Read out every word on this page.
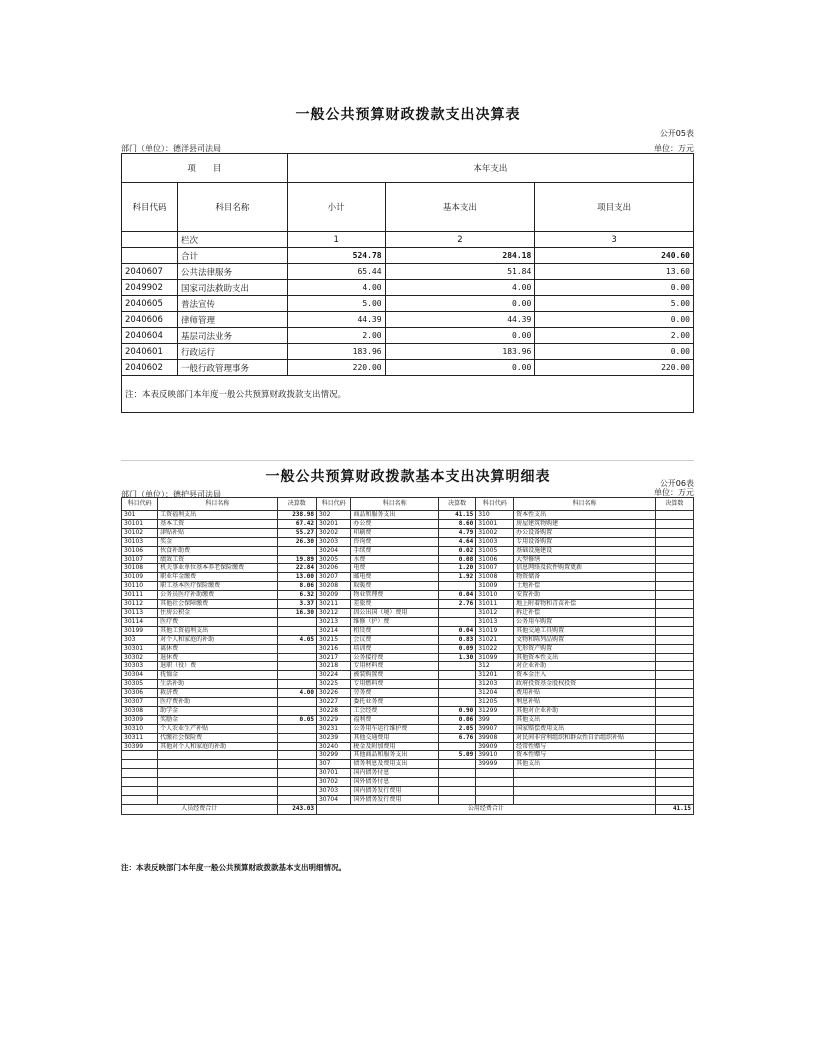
一般公共预算财政拨款支出决算表
公开05表
部门（单位）：德洋县司法局	单位：万元
项　　目		本年支出		
科目代码	科目名称	小计	基本支出	项目支出
	栏次	1	2	3
	合计	524.78	284.18	240.60
2040607	公共法律服务	65.44	51.84	13.60
2049902	国家司法救助支出	4.00	4.00	0.00
2040605	普法宣传	5.00	0.00	5.00
2040606	律师管理	44.39	44.39	0.00
2040604	基层司法业务	2.00	0.00	2.00
2040601	行政运行	183.96	183.96	0.00
2040602	一般行政管理事务	220.00	0.00	220.00
注：本表反映部门本年度一般公共预算财政拨款支出情况。				
一般公共预算财政拨款基本支出决算明细表	公开06表
部门（单位）：德护县司法局	单位：万元
科目代码	科目名称	决算数	科目代码	科目名称	决算数	科目代码	科目名称	决算数
301	工资福利支出	238.98	302	商品和服务支出	41.15	310	资本性支出	
30101	基本工资	67.42	30201	办公费	8.60	31001	房屋建筑物购建	
30102	津贴补贴	55.27	30202	印刷费	4.79	31002	办公设备购置	
30103	奖金	26.30	30203	咨询费	4.64	31003	专用设备购置	
30106	伙食补助费		30204	手续费	0.02	31005	基础设施建设	
30107	绩效工资	19.89	30205	水费	0.08	31006	大型修缮	
30108	机关事业单位基本养老保险缴费	22.84	30206	电费	1.20	31007	信息网络及软件购置更新	
30109	职业年金缴费	13.00	30207	邮电费	1.92	31008	物资储备	
30110	职工基本医疗保险缴费	8.06	30208	取暖费		31009	土地补偿	
30111	公务员医疗补助缴费	6.32	30209	物业管理费	0.04	31010	安置补助	
30112	其他社会保障缴费	3.37	30211	差旅费	2.76	31011	地上附着物和青苗补偿	
30113	住房公积金	16.30	30212	因公出国（境）费用		31012	拆迁补偿	
30114	医疗费		30213	维修（护）费		31013	公务用车购置	
30199	其他工资福利支出		30214	租赁费	0.04	31019	其他交通工具购置	
303	对个人和家庭的补助	4.05	30215	会议费	0.83	31021	文物和陈列品购置	
30301	离休费		30216	培训费	0.09	31022	无形资产购置	
30302	退休费		30217	公务接待费	1.30	31099	其他资本性支出	
30303	退职（役）费		30218	专用材料费		312	对企业补助	
30304	抚恤金		30224	被装购置费		31201	资本金注入	
30305	生活补助		30225	专用燃料费		31203	政府投资基金股权投资	
30306	救济费	4.00	30226	劳务费		31204	费用补贴	
30307	医疗费补助		30227	委托业务费		31205	利息补贴	
30308	助学金		30228	工会经费	0.90	31299	其他对企业补助	
30309	奖励金	0.05	30229	福利费	0.06	399	其他支出	
30310	个人农业生产补贴		30231	公务用车运行维护费	2.05	39907	国家赔偿费用支出	
30311	代缴社会保险费		30239	其他交通费用	6.76	39908	对民间非营利组织和群众性自治组织补贴	
30399	其他对个人和家庭的补助		30240	税金及附加费用		39909	经常性赠与	
			30299	其他商品和服务支出	5.09	39910	资本性赠与	
			307	债务利息及费用支出		39999	其他支出	
			30701	国内债务付息				
			30702	国外债务付息				
			30703	国内债务发行费用				
			30704	国外债务发行费用				
人员经费合计		243.03	公用经费合计					41.15
注：本表反映部门本年度一般公共预算财政拨款基本支出明细情况。
